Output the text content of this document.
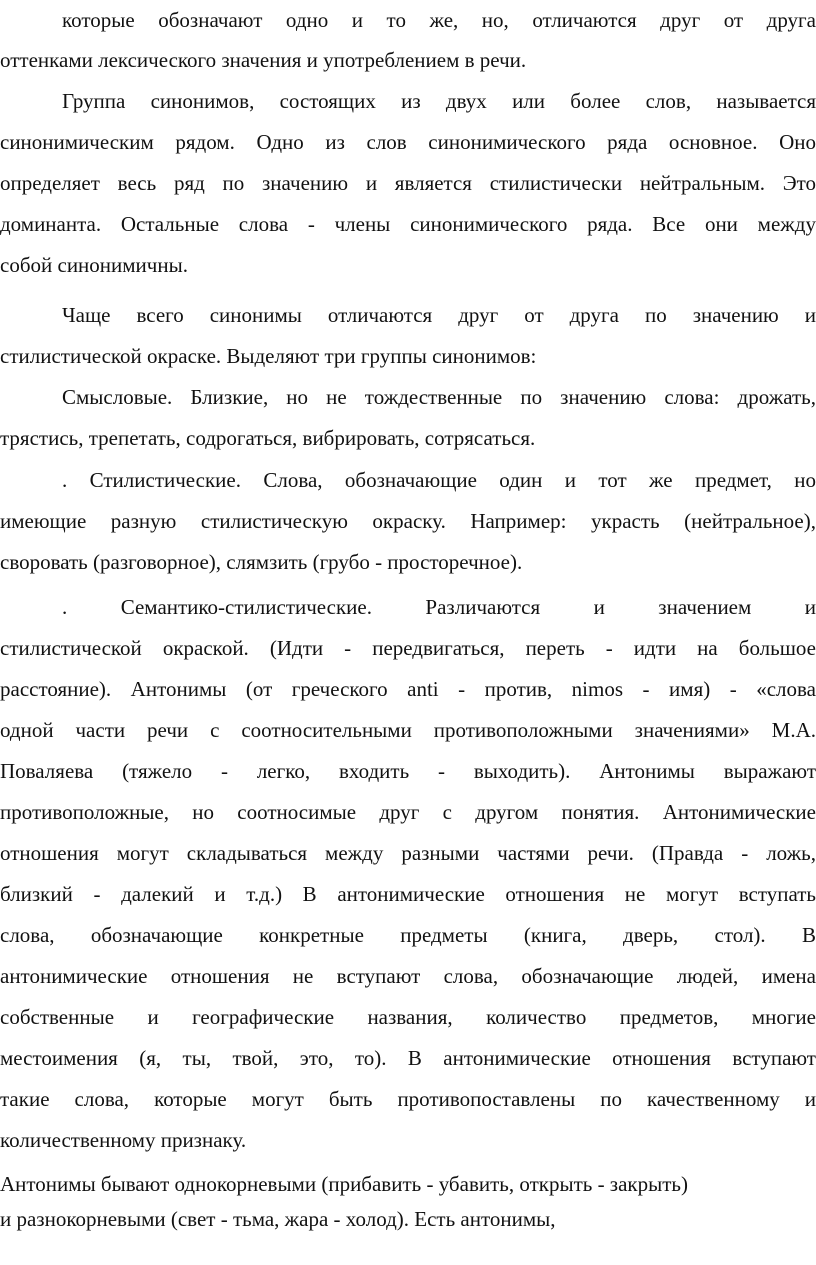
которые обозначают одно и то же, но, отличаются друг от друга
оттенками лексического значения и употреблением в речи.
Группа синонимов, состоящих из двух или более слов, называется
синонимическим рядом. Одно из слов синонимического ряда основное. Оно
определяет весь ряд по значению и является стилистически нейтральным. Это
доминанта. Остальные слова - члены синонимического ряда. Все они между
собой синонимичны.
Чаще всего синонимы отличаются друг от друга по значению и
стилистической окраске. Выделяют три группы синонимов:
Смысловые. Близкие, но не тождественные по значению слова: дрожать,
трястись, трепетать, содрогаться, вибрировать, сотрясаться.
. Стилистические. Слова, обозначающие один и тот же предмет, но
имеющие разную стилистическую окраску. Например: украсть (нейтральное),
своровать (разговорное), слямзить (грубо - просторечное).
. Семантико-стилистические. Различаются и значением и
стилистической окраской. (Идти - передвигаться, переть - идти на большое
расстояние). Антонимы (от греческого anti - против, nimos - имя) - «слова
одной части речи с соотносительными противоположными значениями» М.А.
Поваляева (тяжело - легко, входить - выходить). Антонимы выражают
противоположные, но соотносимые друг с другом понятия. Антонимические
отношения могут складываться между разными частями речи. (Правда - ложь,
близкий - далекий и т.д.) В антонимические отношения не могут вступать
слова, обозначающие конкретные предметы (книга, дверь, стол). В
антонимические отношения не вступают слова, обозначающие людей, имена
собственные и географические названия, количество предметов, многие
местоимения (я, ты, твой, это, то). В антонимические отношения вступают
такие слова, которые могут быть противопоставлены по качественному и
количественному признаку.
Антонимы бывают однокорневыми (прибавить - убавить, открыть - закрыть)
и разнокорневыми (свет - тьма, жара - холод). Есть антонимы,
